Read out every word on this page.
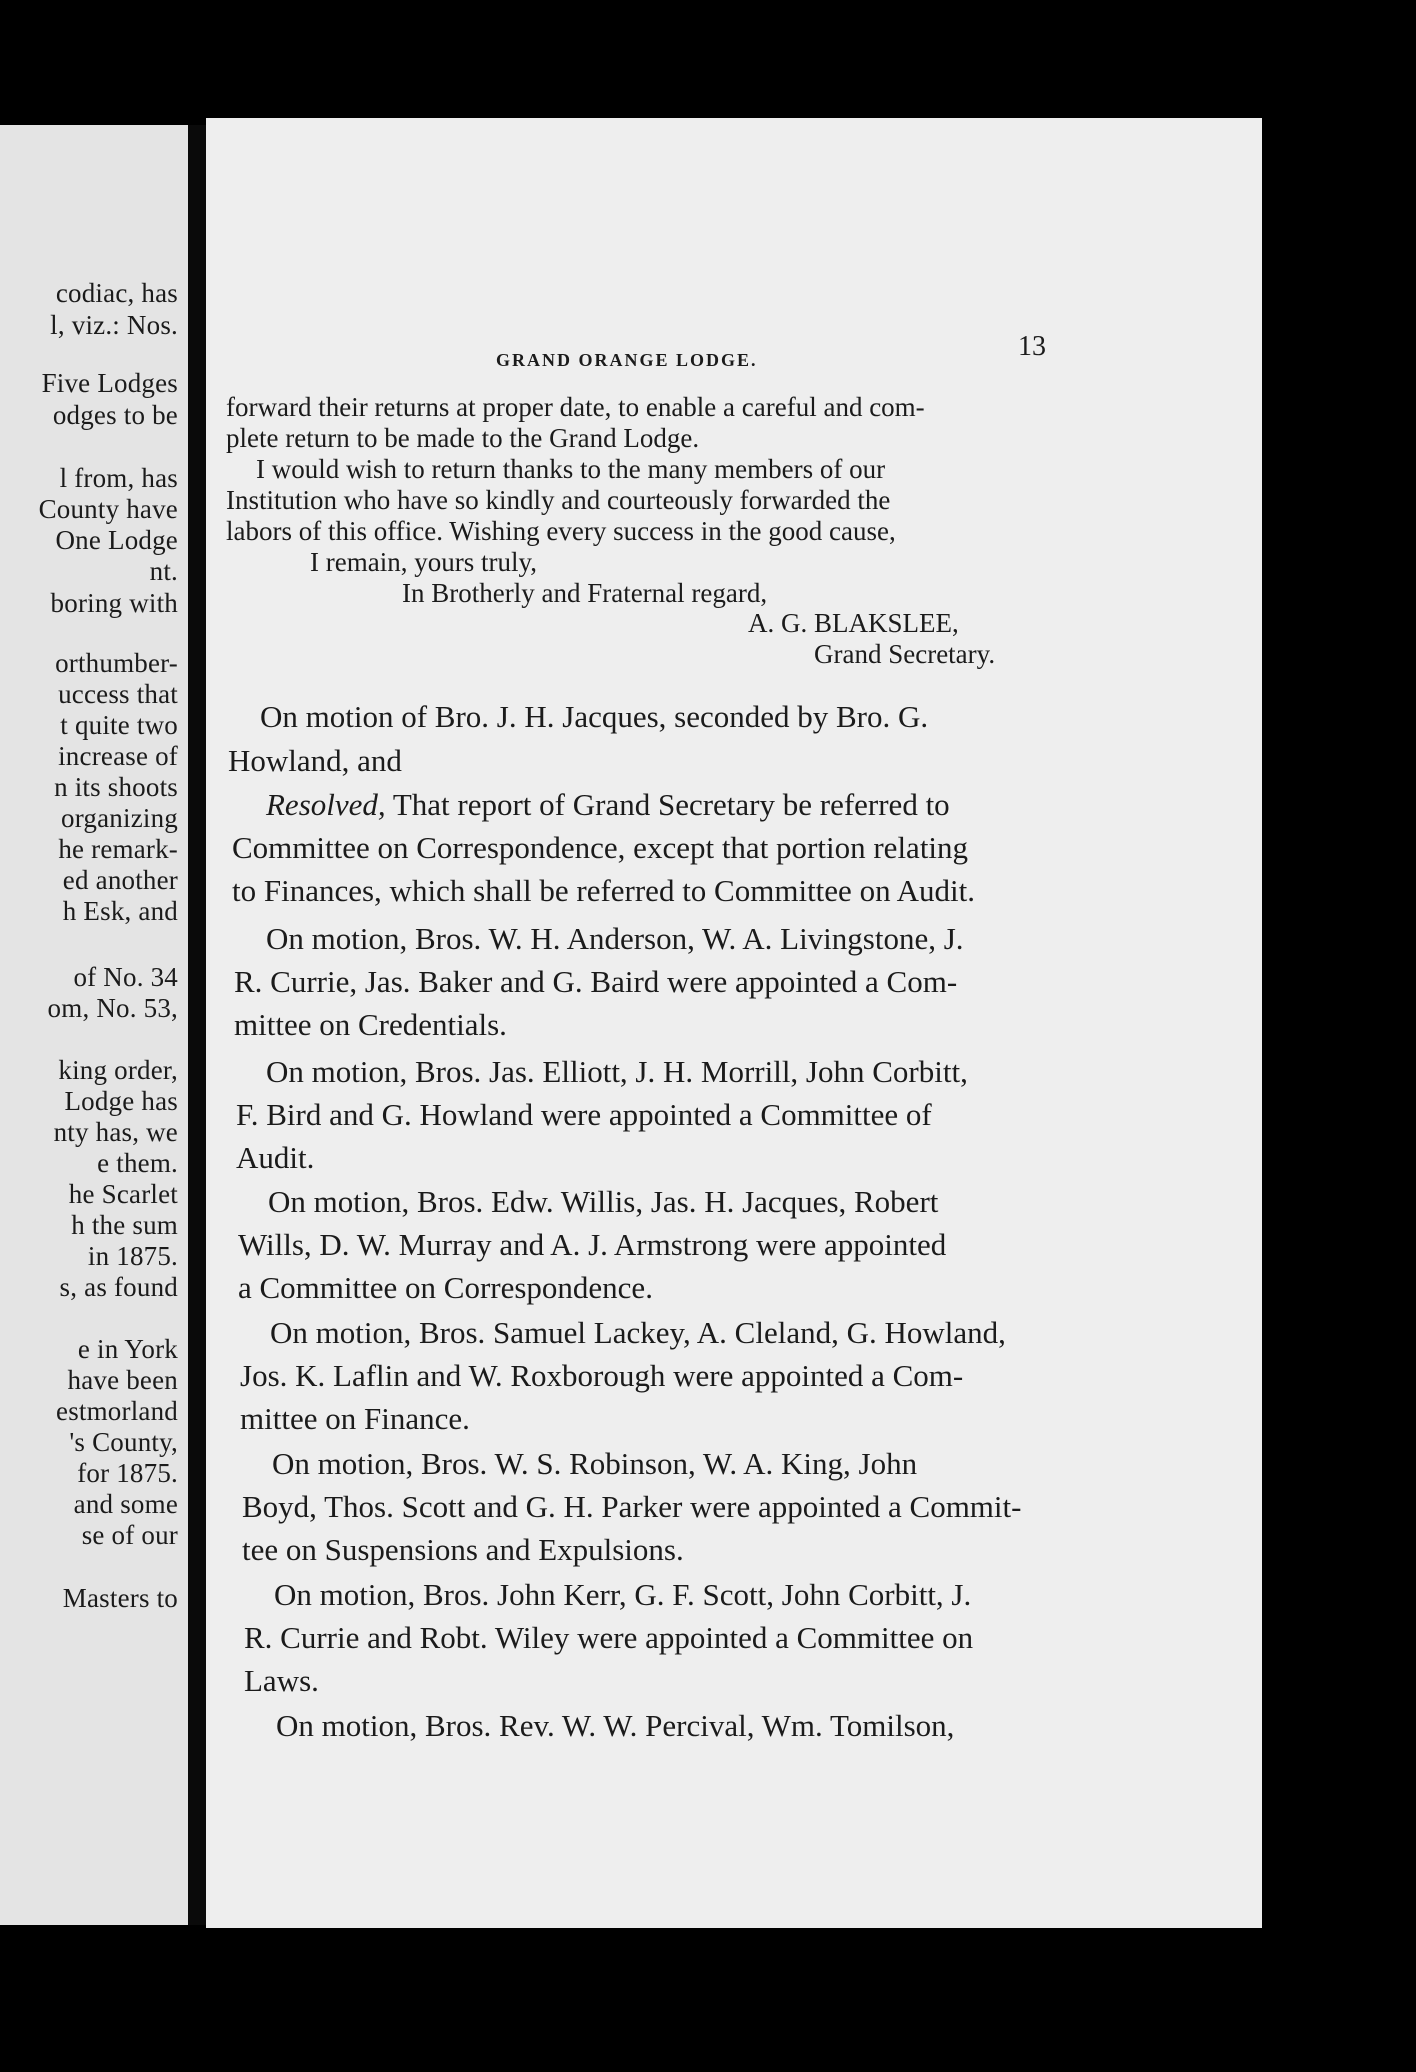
codiac, has
l, viz.: Nos.
Five Lodges
odges to be
l from, has
County have
One Lodge
nt.
boring with
orthumber-
uccess that
t quite two
increase of
n its shoots
organizing
he remark-
ed another
h Esk, and
of No. 34
om, No. 53,
king order,
Lodge has
nty has, we
e them.
he Scarlet
h the sum
in 1875.
s, as found
e in York
have been
estmorland
's County,
for 1875.
and some
se of our
Masters to
GRAND ORANGE LODGE.	13
forward their returns at proper date, to enable a careful and com-
plete return to be made to the Grand Lodge.
I would wish to return thanks to the many members of our
Institution who have so kindly and courteously forwarded the
labors of this office. Wishing every success in the good cause,
I remain, yours truly,
In Brotherly and Fraternal regard,
A. G. BLAKSLEE,
Grand Secretary.
On motion of Bro. J. H. Jacques, seconded by Bro. G.
Howland, and
Resolved, That report of Grand Secretary be referred to
Committee on Correspondence, except that portion relating
to Finances, which shall be referred to Committee on Audit.
On motion, Bros. W. H. Anderson, W. A. Livingstone, J.
R. Currie, Jas. Baker and G. Baird were appointed a Com-
mittee on Credentials.
On motion, Bros. Jas. Elliott, J. H. Morrill, John Corbitt,
F. Bird and G. Howland were appointed a Committee of
Audit.
On motion, Bros. Edw. Willis, Jas. H. Jacques, Robert
Wills, D. W. Murray and A. J. Armstrong were appointed
a Committee on Correspondence.
On motion, Bros. Samuel Lackey, A. Cleland, G. Howland,
Jos. K. Laflin and W. Roxborough were appointed a Com-
mittee on Finance.
On motion, Bros. W. S. Robinson, W. A. King, John
Boyd, Thos. Scott and G. H. Parker were appointed a Commit-
tee on Suspensions and Expulsions.
On motion, Bros. John Kerr, G. F. Scott, John Corbitt, J.
R. Currie and Robt. Wiley were appointed a Committee on
Laws.
On motion, Bros. Rev. W. W. Percival, Wm. Tomilson,
